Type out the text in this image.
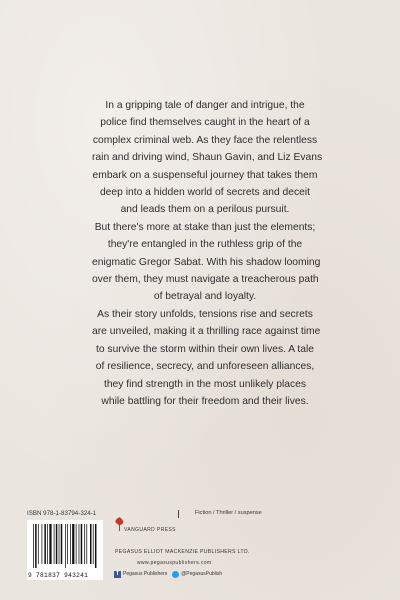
In a gripping tale of danger and intrigue, the

police find themselves caught in the heart of a

complex criminal web. As they face the relentless

rain and driving wind, Shaun Gavin, and Liz Evans

embark on a suspenseful journey that takes them

deep into a hidden world of secrets and deceit

and leads them on a perilous pursuit.

But there's more at stake than just the elements;

they're entangled in the ruthless grip of the

enigmatic Gregor Sabat. With his shadow looming

over them, they must navigate a treacherous path

of betrayal and loyalty.

As their story unfolds, tensions rise and secrets

are unveiled, making it a thrilling race against time

to survive the storm within their own lives. A tale

of resilience, secrecy, and unforeseen alliances,

they find strength in the most unlikely places

while battling for their freedom and their lives.

ISBN 978-1-83794-324-1	Fiction / Thriller / suspense
9 781837 943241
VANGUARD PRESS
PEGASUS ELLIOT MACKENZIE PUBLISHERS LTD.
www.pegasuspublishers.com
f Pegasus Publishers	@PegasusPublish
